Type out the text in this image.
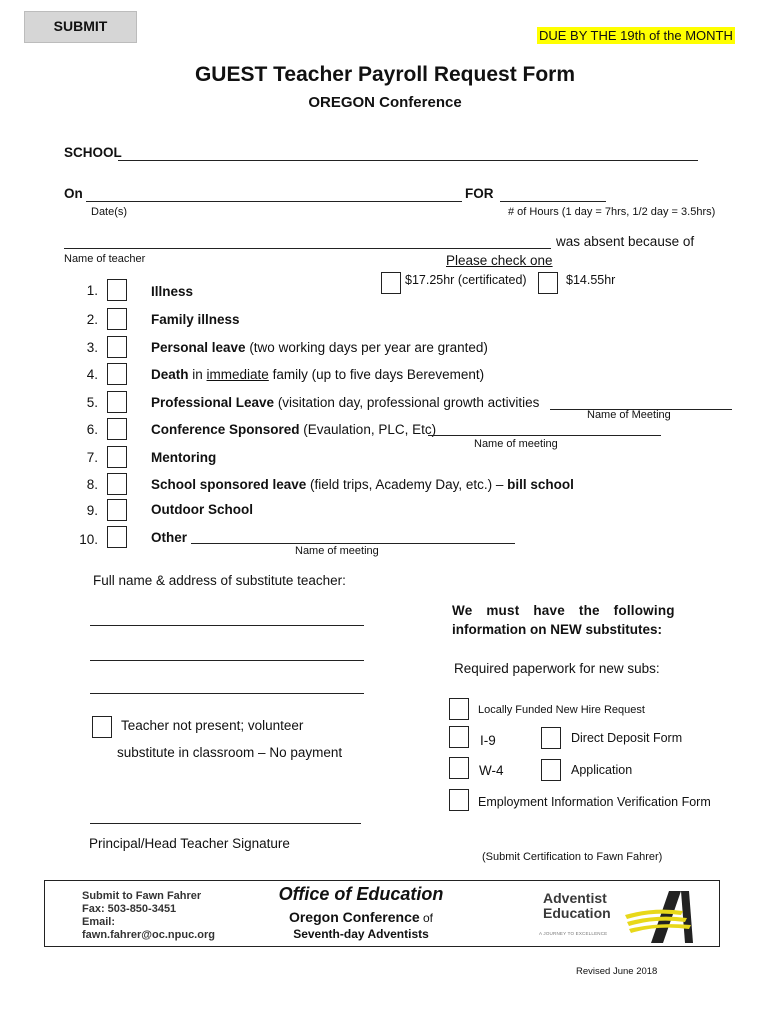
SUBMIT
DUE BY THE 19th of the MONTH
GUEST Teacher Payroll Request Form
OREGON Conference
SCHOOL
On	FOR
Date(s)	# of Hours (1 day = 7hrs, 1/2 day = 3.5hrs)
was absent because of
Name of teacher	Please check one
$17.25hr (certificated)	$14.55hr
1.	Illness
2.	Family illness
3.	Personal leave (two working days per year are granted)
4.	Death in immediate family (up to five days Berevement)
5.	Professional Leave (visitation day, professional growth activities
Name of Meeting
6.	Conference Sponsored (Evaulation, PLC, Etc)
Name of meeting
7.	Mentoring
8.	School sponsored leave (field trips, Academy Day, etc.) – bill school
9.	Outdoor School
10.	Other
Name of meeting
Full name & address of substitute teacher:
Teacher not present; volunteer
substitute in classroom – No payment
Principal/Head Teacher Signature
We must have the following
information on NEW substitutes:
Required paperwork for new subs:
Locally Funded New Hire Request
I-9	Direct Deposit Form
W-4	Application
Employment Information Verification Form
(Submit Certification to Fawn Fahrer)
Submit to Fawn Fahrer
Fax: 503-850-3451
Email:
fawn.fahrer@oc.npuc.org
Office of Education
Oregon Conference of
Seventh-day Adventists
Adventist
Education
A JOURNEY TO EXCELLENCE
Revised June 2018
